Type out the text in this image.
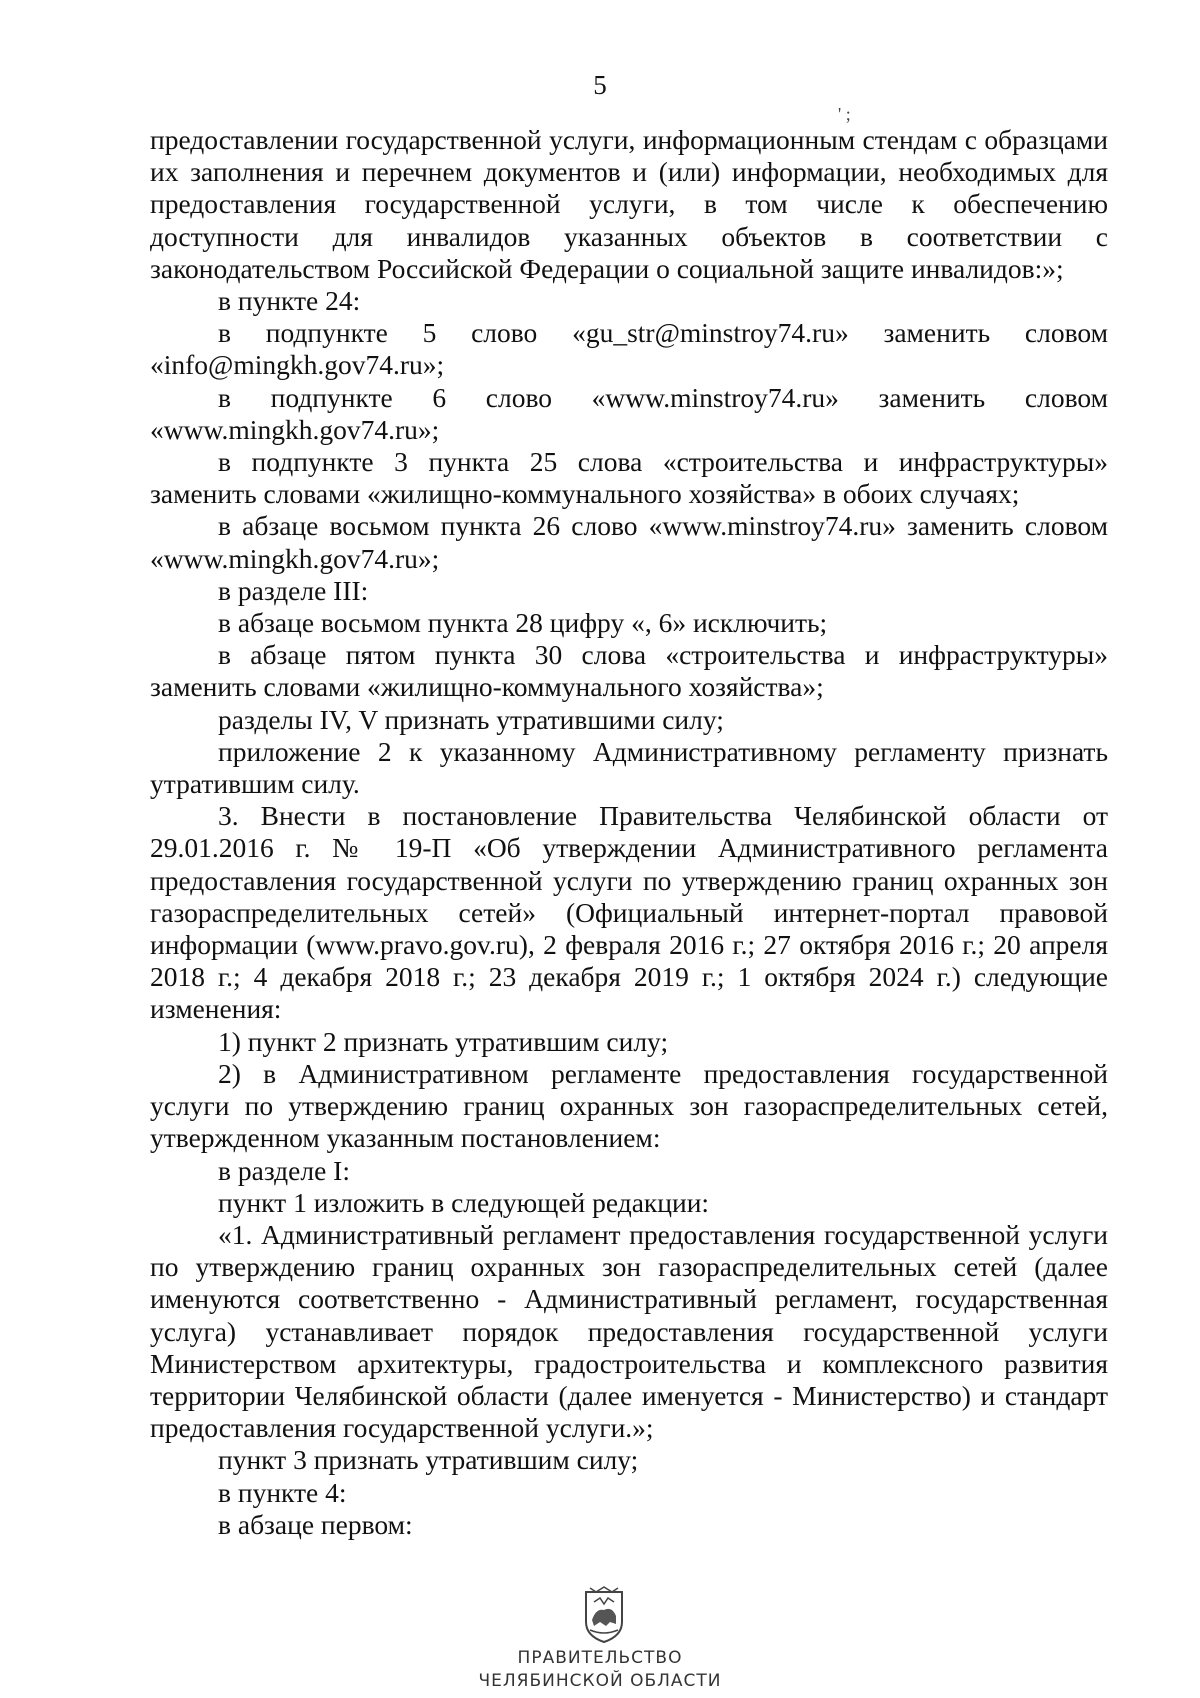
5
' ;

предоставлении государственной услуги, информационным стендам с образцами их заполнения и перечнем документов и (или) информации, необходимых для предоставления государственной услуги, в том числе к обеспечению доступности для инвалидов указанных объектов в соответствии с законодательством Российской Федерации о социальной защите инвалидов:»;

в пункте 24:

в подпункте 5 слово «gu_str@minstroy74.ru» заменить словом «info@mingkh.gov74.ru»;

в подпункте 6 слово «www.minstroy74.ru» заменить словом «www.mingkh.gov74.ru»;

в подпункте 3 пункта 25 слова «строительства и инфраструктуры» заменить словами «жилищно-коммунального хозяйства» в обоих случаях;

в абзаце восьмом пункта 26 слово «www.minstroy74.ru» заменить словом «www.mingkh.gov74.ru»;

в разделе III:

в абзаце восьмом пункта 28 цифру «, 6» исключить;

в абзаце пятом пункта 30 слова «строительства и инфраструктуры» заменить словами «жилищно-коммунального хозяйства»;

разделы IV, V признать утратившими силу;

приложение 2 к указанному Административному регламенту признать утратившим силу.

3. Внести в постановление Правительства Челябинской области от 29.01.2016 г. № 19-П «Об утверждении Административного регламента предоставления государственной услуги по утверждению границ охранных зон газораспределительных сетей» (Официальный интернет-портал правовой информации (www.pravo.gov.ru), 2 февраля 2016 г.; 27 октября 2016 г.; 20 апреля 2018 г.; 4 декабря 2018 г.; 23 декабря 2019 г.; 1 октября 2024 г.) следующие изменения:

1) пункт 2 признать утратившим силу;

2) в Административном регламенте предоставления государственной услуги по утверждению границ охранных зон газораспределительных сетей, утвержденном указанным постановлением:

в разделе I:

пункт 1 изложить в следующей редакции:

«1. Административный регламент предоставления государственной услуги по утверждению границ охранных зон газораспределительных сетей (далее именуются соответственно - Административный регламент, государственная услуга) устанавливает порядок предоставления государственной услуги Министерством архитектуры, градостроительства и комплексного развития территории Челябинской области (далее именуется - Министерство) и стандарт предоставления государственной услуги.»;

пункт 3 признать утратившим силу;

в пункте 4:

в абзаце первом:

ПРАВИТЕЛЬСТВО
ЧЕЛЯБИНСКОЙ ОБЛАСТИ
